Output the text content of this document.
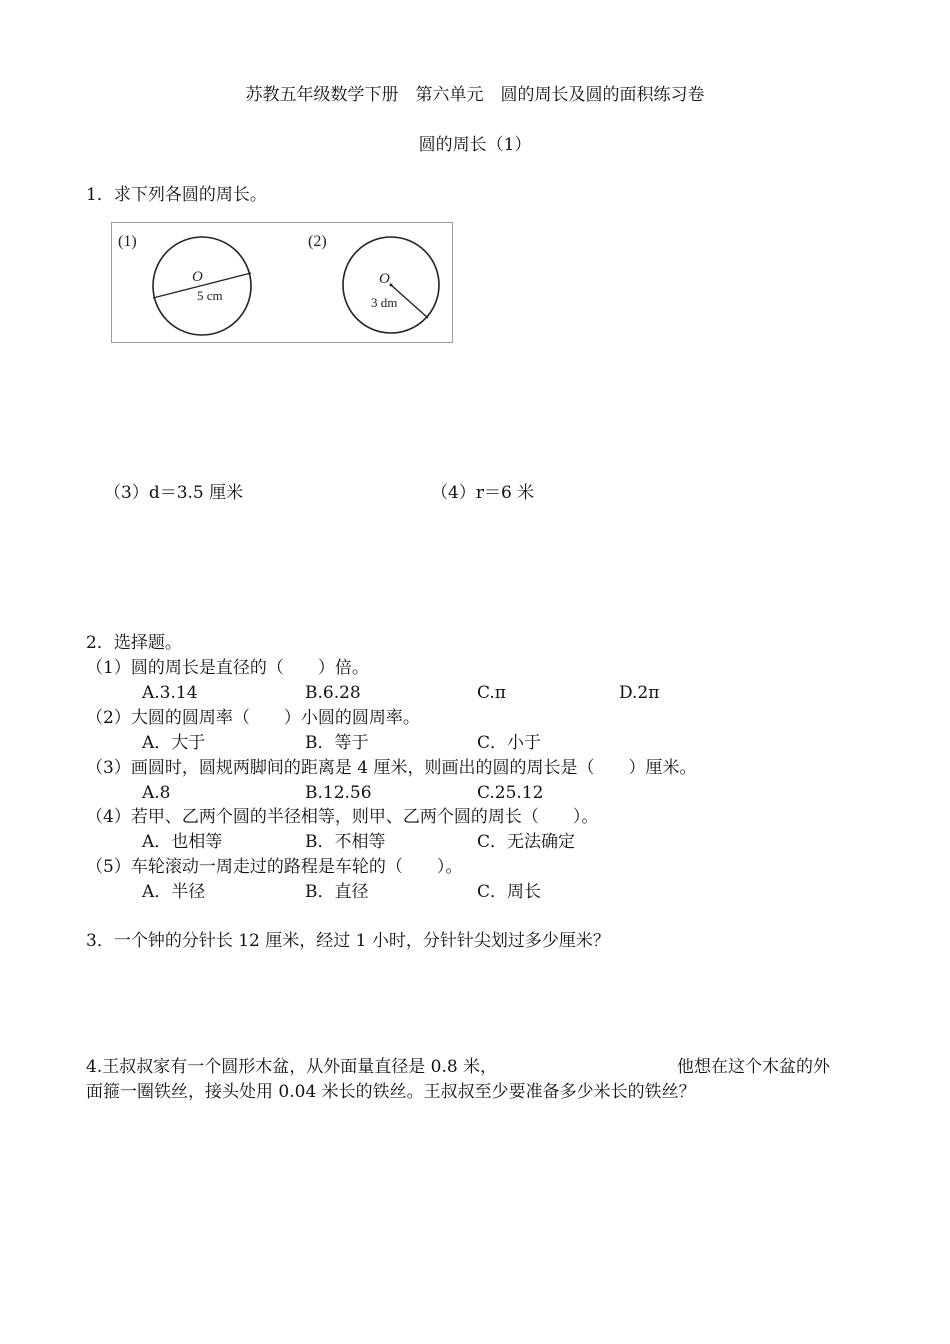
苏教五年级数学下册　第六单元　圆的周长及圆的面积练习卷
圆的周长（1）
1．求下列各圆的周长。
(1)
O
5 cm
(2)
O
3 dm
（3）d＝3.5 厘米	（4）r＝6 米
2．选择题。
（1）圆的周长是直径的（　　）倍。
A.3.14	B.6.28	C.π	D.2π
（2）大圆的圆周率（　　）小圆的圆周率。
A．大于	B．等于	C．小于
（3）画圆时，圆规两脚间的距离是 4 厘米，则画出的圆的周长是（　　）厘米。
A.8	B.12.56	C.25.12
（4）若甲、乙两个圆的半径相等，则甲、乙两个圆的周长（　　）。
A．也相等	B．不相等	C．无法确定
（5）车轮滚动一周走过的路程是车轮的（　　）。
A．半径	B．直径	C．周长
3．一个钟的分针长 12 厘米，经过 1 小时，分针针尖划过多少厘米？
4.王叔叔家有一个圆形木盆，从外面量直径是 0.8 米，	他想在这个木盆的外
面箍一圈铁丝，接头处用 0.04 米长的铁丝。王叔叔至少要准备多少米长的铁丝？
